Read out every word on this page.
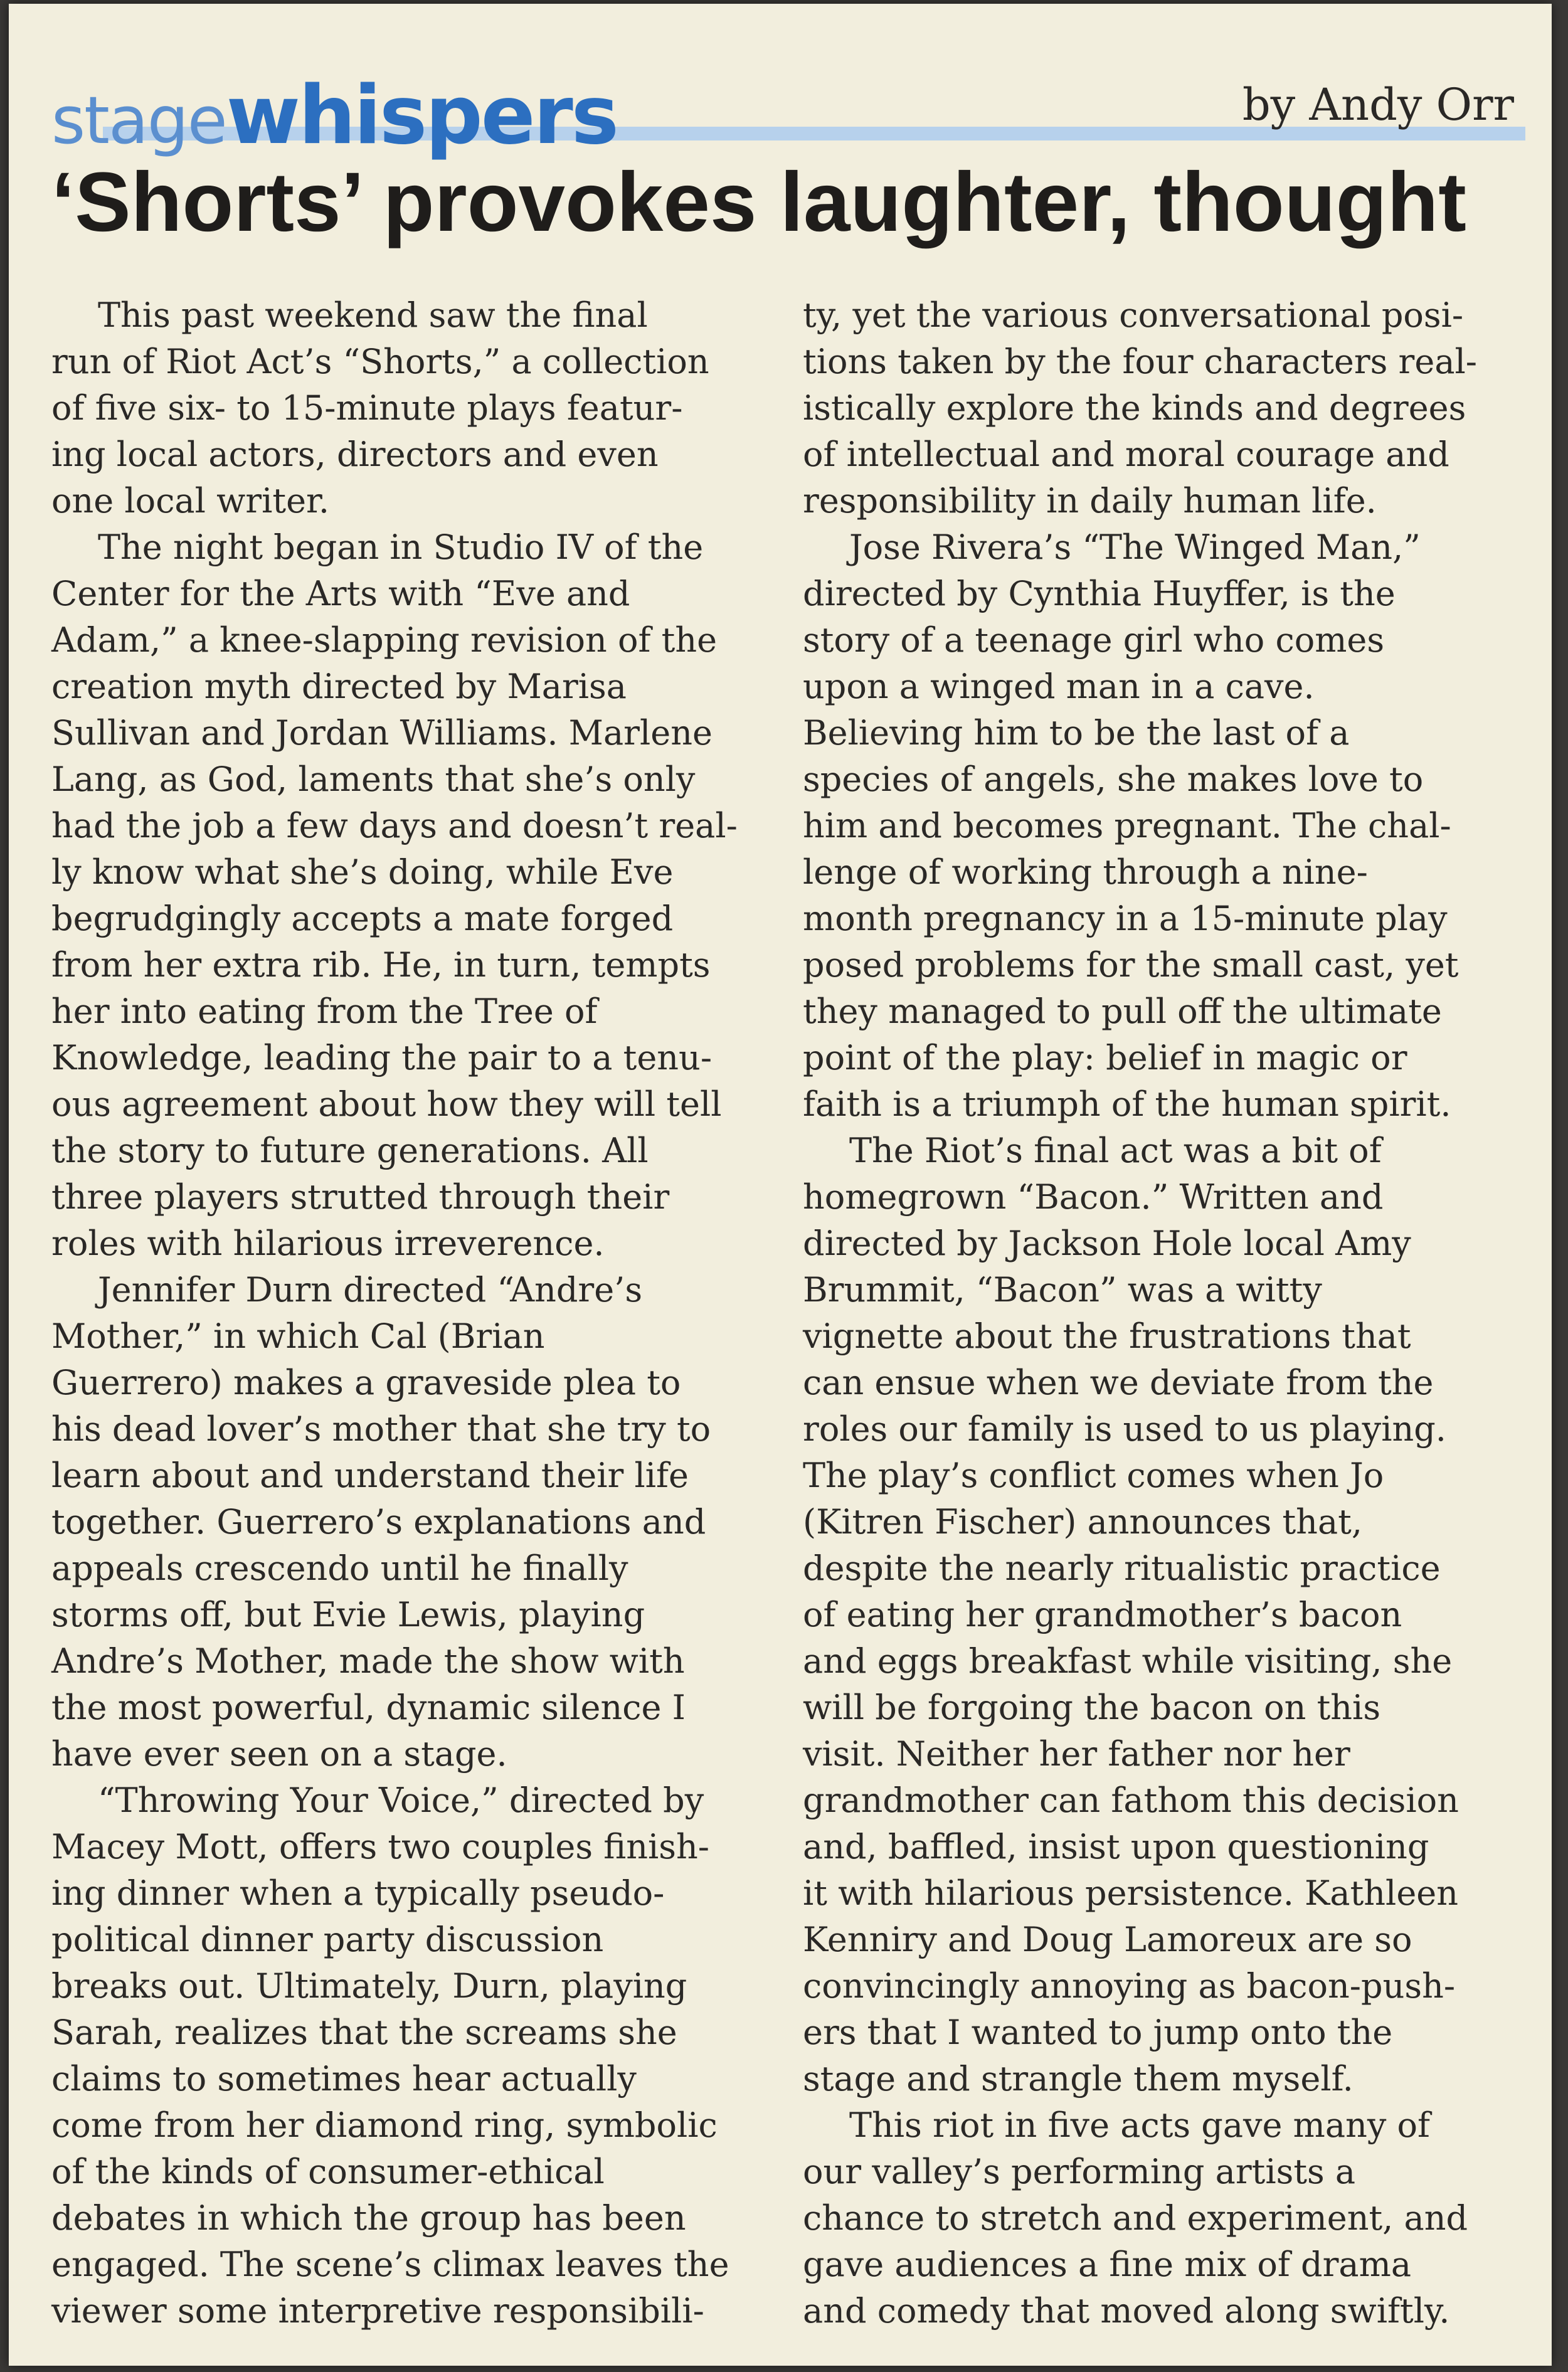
stagewhispers	by Andy Orr
‘Shorts’ provokes laughter, thought
This past weekend saw the final
run of Riot Act’s “Shorts,” a collection
of five six- to 15-minute plays featur-
ing local actors, directors and even
one local writer.
The night began in Studio IV of the
Center for the Arts with “Eve and
Adam,” a knee-slapping revision of the
creation myth directed by Marisa
Sullivan and Jordan Williams. Marlene
Lang, as God, laments that she’s only
had the job a few days and doesn’t real-
ly know what she’s doing, while Eve
begrudgingly accepts a mate forged
from her extra rib. He, in turn, tempts
her into eating from the Tree of
Knowledge, leading the pair to a tenu-
ous agreement about how they will tell
the story to future generations. All
three players strutted through their
roles with hilarious irreverence.
Jennifer Durn directed “Andre’s
Mother,” in which Cal (Brian
Guerrero) makes a graveside plea to
his dead lover’s mother that she try to
learn about and understand their life
together. Guerrero’s explanations and
appeals crescendo until he finally
storms off, but Evie Lewis, playing
Andre’s Mother, made the show with
the most powerful, dynamic silence I
have ever seen on a stage.
“Throwing Your Voice,” directed by
Macey Mott, offers two couples finish-
ing dinner when a typically pseudo-
political dinner party discussion
breaks out. Ultimately, Durn, playing
Sarah, realizes that the screams she
claims to sometimes hear actually
come from her diamond ring, symbolic
of the kinds of consumer-ethical
debates in which the group has been
engaged. The scene’s climax leaves the
viewer some interpretive responsibili-
ty, yet the various conversational posi-
tions taken by the four characters real-
istically explore the kinds and degrees
of intellectual and moral courage and
responsibility in daily human life.
Jose Rivera’s “The Winged Man,”
directed by Cynthia Huyffer, is the
story of a teenage girl who comes
upon a winged man in a cave.
Believing him to be the last of a
species of angels, she makes love to
him and becomes pregnant. The chal-
lenge of working through a nine-
month pregnancy in a 15-minute play
posed problems for the small cast, yet
they managed to pull off the ultimate
point of the play: belief in magic or
faith is a triumph of the human spirit.
The Riot’s final act was a bit of
homegrown “Bacon.” Written and
directed by Jackson Hole local Amy
Brummit, “Bacon” was a witty
vignette about the frustrations that
can ensue when we deviate from the
roles our family is used to us playing.
The play’s conflict comes when Jo
(Kitren Fischer) announces that,
despite the nearly ritualistic practice
of eating her grandmother’s bacon
and eggs breakfast while visiting, she
will be forgoing the bacon on this
visit. Neither her father nor her
grandmother can fathom this decision
and, baffled, insist upon questioning
it with hilarious persistence. Kathleen
Kenniry and Doug Lamoreux are so
convincingly annoying as bacon-push-
ers that I wanted to jump onto the
stage and strangle them myself.
This riot in five acts gave many of
our valley’s performing artists a
chance to stretch and experiment, and
gave audiences a fine mix of drama
and comedy that moved along swiftly.
